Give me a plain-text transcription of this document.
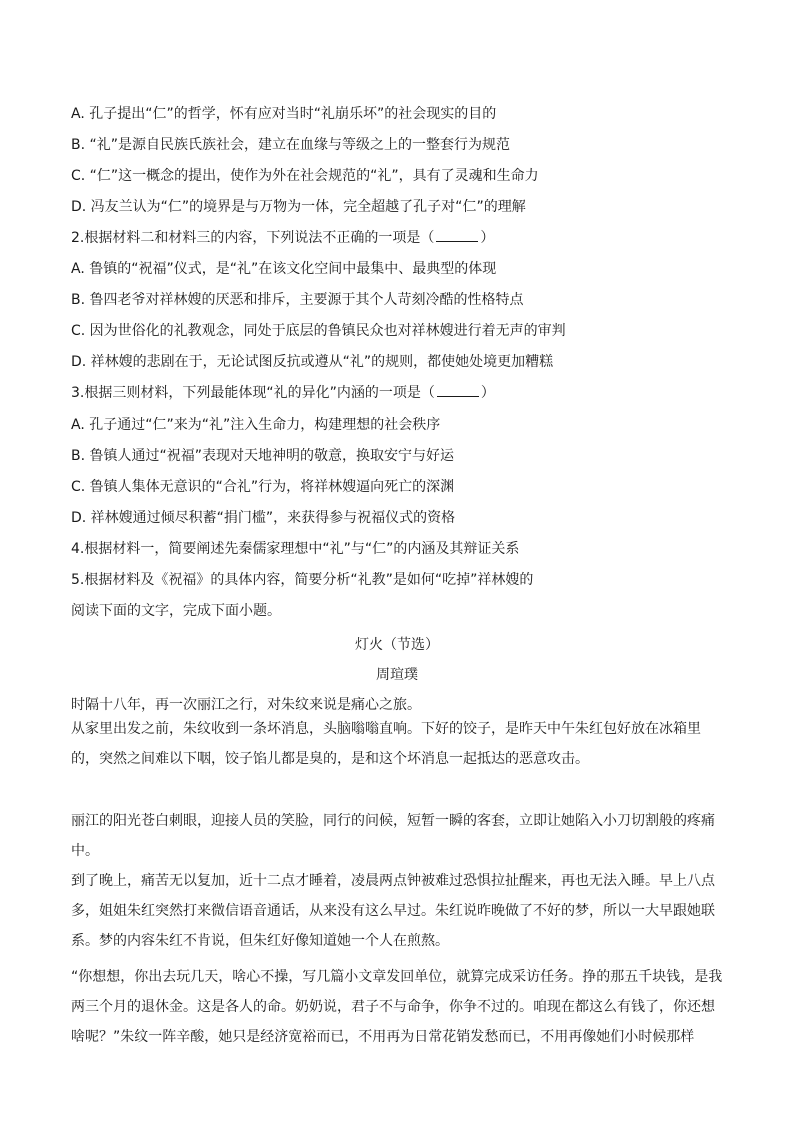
A. 孔子提出“仁”的哲学，怀有应对当时“礼崩乐坏”的社会现实的目的
B. “礼”是源自民族氏族社会，建立在血缘与等级之上的一整套行为规范
C. “仁”这一概念的提出，使作为外在社会规范的“礼”，具有了灵魂和生命力
D. 冯友兰认为“仁”的境界是与万物为一体，完全超越了孔子对“仁”的理解
2.根据材料二和材料三的内容，下列说法不正确的一项是（	）
A. 鲁镇的“祝福”仪式，是“礼”在该文化空间中最集中、最典型的体现
B. 鲁四老爷对祥林嫂的厌恶和排斥，主要源于其个人苛刻冷酷的性格特点
C. 因为世俗化的礼教观念，同处于底层的鲁镇民众也对祥林嫂进行着无声的审判
D. 祥林嫂的悲剧在于，无论试图反抗或遵从“礼”的规则，都使她处境更加糟糕
3.根据三则材料，下列最能体现“礼的异化”内涵的一项是（	）
A. 孔子通过“仁”来为“礼”注入生命力，构建理想的社会秩序
B. 鲁镇人通过“祝福”表现对天地神明的敬意，换取安宁与好运
C. 鲁镇人集体无意识的“合礼”行为，将祥林嫂逼向死亡的深渊
D. 祥林嫂通过倾尽积蓄“捐门槛”，来获得参与祝福仪式的资格
4.根据材料一，简要阐述先秦儒家理想中“礼”与“仁”的内涵及其辩证关系
5.根据材料及《祝福》的具体内容，简要分析“礼教”是如何“吃掉”祥林嫂的
阅读下面的文字，完成下面小题。
灯火（节选）
周瑄璞
时隔十八年，再一次丽江之行，对朱纹来说是痛心之旅。
从家里出发之前，朱纹收到一条坏消息，头脑嗡嗡直响。下好的饺子，是昨天中午朱红包好放在冰箱里的，突然之间难以下咽，饺子馅儿都是臭的，是和这个坏消息一起抵达的恶意攻击。
丽江的阳光苍白刺眼，迎接人员的笑脸，同行的问候，短暂一瞬的客套，立即让她陷入小刀切割般的疼痛中。
到了晚上，痛苦无以复加，近十二点才睡着，凌晨两点钟被难过恐惧拉扯醒来，再也无法入睡。早上八点多，姐姐朱红突然打来微信语音通话，从来没有这么早过。朱红说昨晚做了不好的梦，所以一大早跟她联系。梦的内容朱红不肯说，但朱红好像知道她一个人在煎熬。
“你想想，你出去玩几天，啥心不操，写几篇小文章发回单位，就算完成采访任务。挣的那五千块钱，是我两三个月的退休金。这是各人的命。奶奶说，君子不与命争，你争不过的。咱现在都这么有钱了，你还想啥呢？”朱纹一阵辛酸，她只是经济宽裕而已，不用再为日常花销发愁而已，不用再像她们小时候那样
